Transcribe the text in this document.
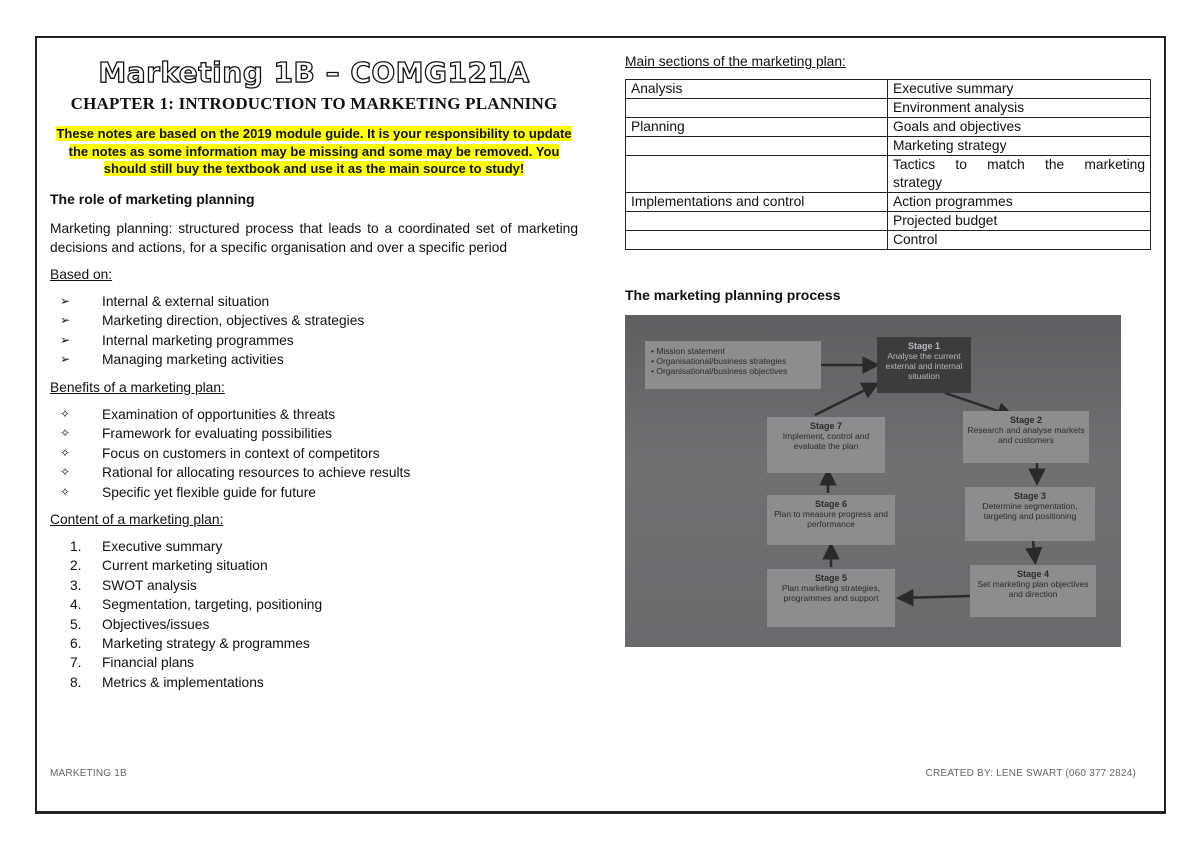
Marketing 1B – COMG121A
CHAPTER 1: INTRODUCTION TO MARKETING PLANNING
These notes are based on the 2019 module guide. It is your responsibility to update the notes as some information may be missing and some may be removed. You should still buy the textbook and use it as the main source to study!
The role of marketing planning

Marketing planning: structured process that leads to a coordinated set of marketing decisions and actions, for a specific organisation and over a specific period

Based on:
➢	Internal & external situation
➢	Marketing direction, objectives & strategies
➢	Internal marketing programmes
➢	Managing marketing activities
Benefits of a marketing plan:
✧	Examination of opportunities & threats
✧	Framework for evaluating possibilities
✧	Focus on customers in context of competitors
✧	Rational for allocating resources to achieve results
✧	Specific yet flexible guide for future
Content of a marketing plan:
1.	Executive summary
2.	Current marketing situation
3.	SWOT analysis
4.	Segmentation, targeting, positioning
5.	Objectives/issues
6.	Marketing strategy & programmes
7.	Financial plans
8.	Metrics & implementations
Main sections of the marketing plan:
Analysis	Executive summary
	Environment analysis
Planning	Goals and objectives
	Marketing strategy
	Tactics to match the marketing strategy
Implementations and control	Action programmes
	Projected budget
	Control
The marketing planning process
• Mission statement
• Organisational/business strategies
• Organisational/business objectives
Stage 1
Analyse the current external and internal situation
Stage 2
Research and analyse markets and customers
Stage 3
Determine segmentation, targeting and positioning
Stage 4
Set marketing plan objectives and direction
Stage 5
Plan marketing strategies, programmes and support
Stage 6
Plan to measure progress and performance
Stage 7
Implement, control and evaluate the plan
MARKETING 1B	CREATED BY: LENE SWART (060 377 2824)
